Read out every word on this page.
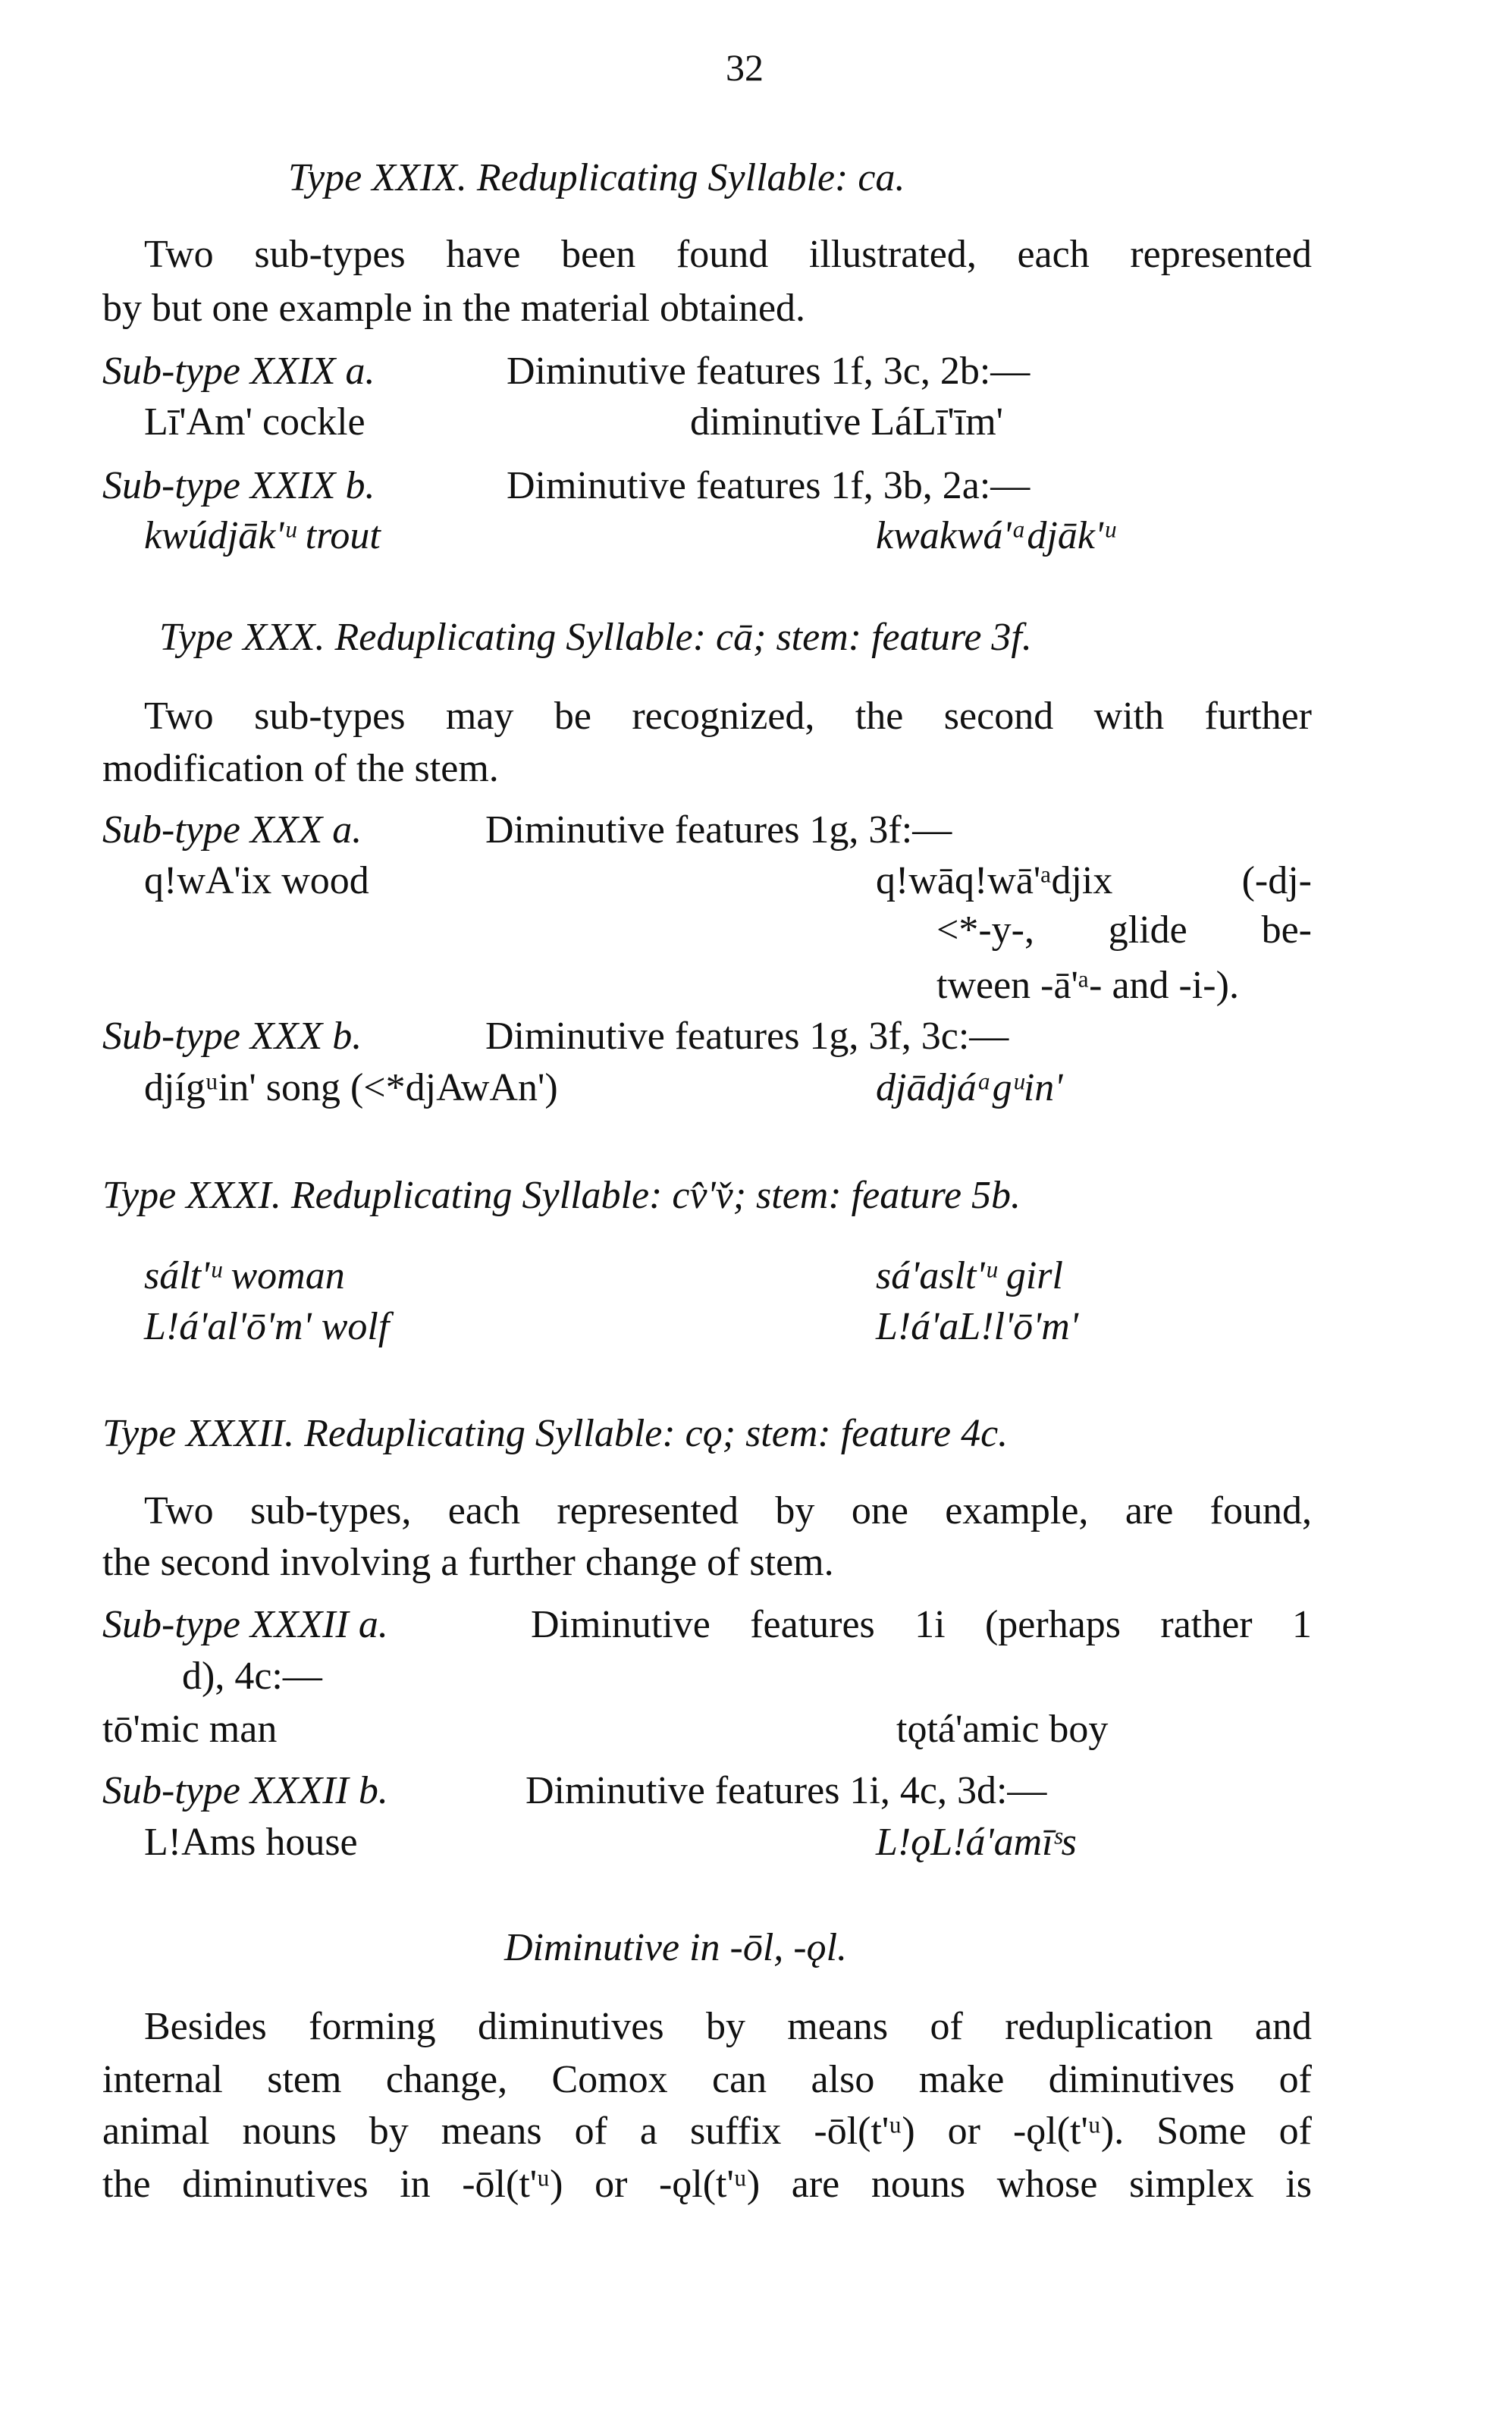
32
Type XXIX. Reduplicating Syllable: ca.
Two sub-types have been found illustrated, each represented
by but one example in the material obtained.
Sub-type XXIX a.	Diminutive features 1f, 3c, 2b:—
Lī'Am' cockle	diminutive LáLī'īm'
Sub-type XXIX b.	Diminutive features 1f, 3b, 2a:—
kwúdjāk'ᵘ trout	kwakwá'ᵃdjāk'ᵘ
Type XXX. Reduplicating Syllable: cā; stem: feature 3f.
Two sub-types may be recognized, the second with further
modification of the stem.
Sub-type XXX a.	Diminutive features 1g, 3f:—
q!wA'ix wood	q!wāq!wā'ᵃdjix (-dj-
<*-y-, glide be-
tween -ā'ᵃ- and -i-).
Sub-type XXX b.	Diminutive features 1g, 3f, 3c:—
djígᵘin' song (<*djAwAn')	djādjáᵃgᵘin'
Type XXXI. Reduplicating Syllable: cv̂'v̌; stem: feature 5b.
sált'ᵘ woman	sá'aslt'ᵘ girl
L!á'al'ō'm' wolf	L!á'aL!l'ō'm'
Type XXXII. Reduplicating Syllable: cǫ; stem: feature 4c.
Two sub-types, each represented by one example, are found,
the second involving a further change of stem.
Sub-type XXXII a.	Diminutive features 1i (perhaps rather 1
d), 4c:—
tō'mic man	tǫtá'amic boy
Sub-type XXXII b.	Diminutive features 1i, 4c, 3d:—
L!Ams house	L!ǫL!á'amīˢs
Diminutive in -ōl, -ǫl.
Besides forming diminutives by means of reduplication and
internal stem change, Comox can also make diminutives of
animal nouns by means of a suffix -ōl(t'ᵘ) or -ǫl(t'ᵘ). Some of
the diminutives in -ōl(t'ᵘ) or -ǫl(t'ᵘ) are nouns whose simplex is
